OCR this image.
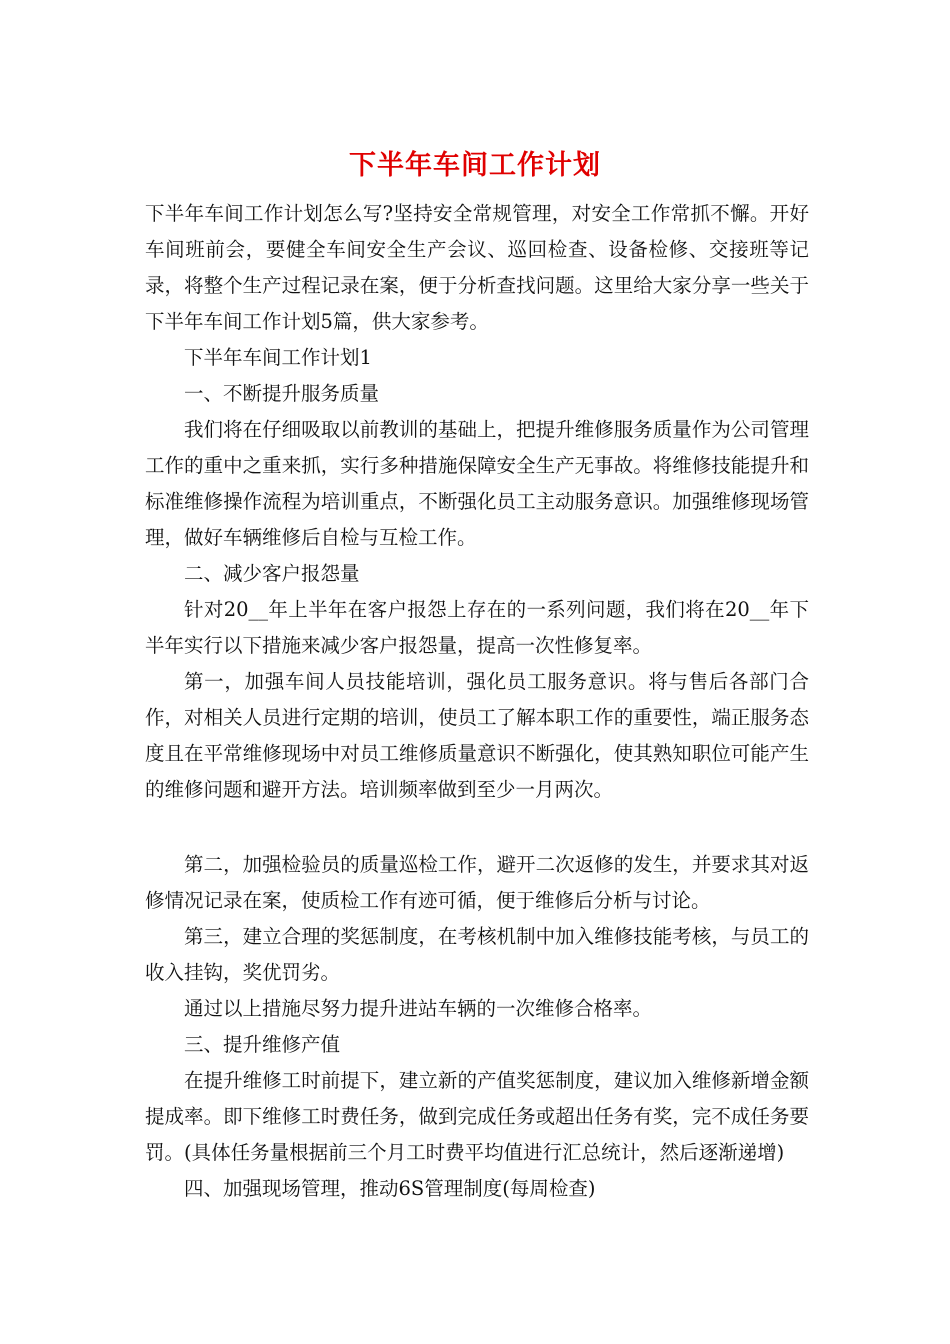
下半年车间工作计划

下半年车间工作计划怎么写?坚持安全常规管理，对安全工作常抓不懈。开好车间班前会，要健全车间安全生产会议、巡回检查、设备检修、交接班等记录，将整个生产过程记录在案，便于分析查找问题。这里给大家分享一些关于下半年车间工作计划5篇，供大家参考。

下半年车间工作计划1

一、不断提升服务质量

我们将在仔细吸取以前教训的基础上，把提升维修服务质量作为公司管理工作的重中之重来抓，实行多种措施保障安全生产无事故。将维修技能提升和标准维修操作流程为培训重点，不断强化员工主动服务意识。加强维修现场管理，做好车辆维修后自检与互检工作。

二、减少客户报怨量

针对20__年上半年在客户报怨上存在的一系列问题，我们将在20__年下半年实行以下措施来减少客户报怨量，提高一次性修复率。

第一，加强车间人员技能培训，强化员工服务意识。将与售后各部门合作，对相关人员进行定期的培训，使员工了解本职工作的重要性，端正服务态度且在平常维修现场中对员工维修质量意识不断强化，使其熟知职位可能产生的维修问题和避开方法。培训频率做到至少一月两次。

第二，加强检验员的质量巡检工作，避开二次返修的发生，并要求其对返修情况记录在案，使质检工作有迹可循，便于维修后分析与讨论。

第三，建立合理的奖惩制度，在考核机制中加入维修技能考核，与员工的收入挂钩，奖优罚劣。

通过以上措施尽努力提升进站车辆的一次维修合格率。

三、提升维修产值

在提升维修工时前提下，建立新的产值奖惩制度，建议加入维修新增金额提成率。即下维修工时费任务，做到完成任务或超出任务有奖，完不成任务要罚。(具体任务量根据前三个月工时费平均值进行汇总统计，然后逐渐递增)

四、加强现场管理，推动6S管理制度(每周检查)
